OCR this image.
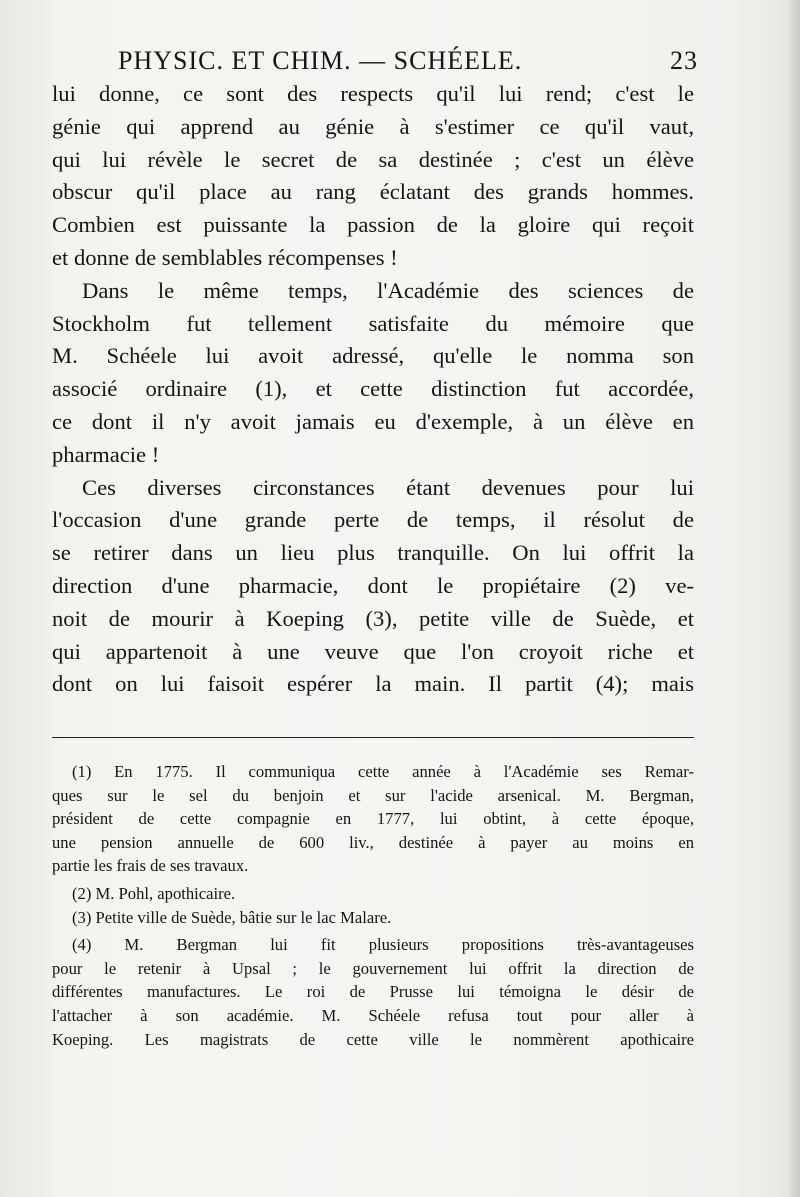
PHYSIC. ET CHIM. — SCHÉELE.	23
lui donne, ce sont des respects qu'il lui rend; c'est le
génie qui apprend au génie à s'estimer ce qu'il vaut,
qui lui révèle le secret de sa destinée ; c'est un élève
obscur qu'il place au rang éclatant des grands hommes.
Combien est puissante la passion de la gloire qui reçoit
et donne de semblables récompenses !
Dans le même temps, l'Académie des sciences de
Stockholm fut tellement satisfaite du mémoire que
M. Schéele lui avoit adressé, qu'elle le nomma son
associé ordinaire (1), et cette distinction fut accordée,
ce dont il n'y avoit jamais eu d'exemple, à un élève en
pharmacie !
Ces diverses circonstances étant devenues pour lui
l'occasion d'une grande perte de temps, il résolut de
se retirer dans un lieu plus tranquille. On lui offrit la
direction d'une pharmacie, dont le propiétaire (2) ve-
noit de mourir à Koeping (3), petite ville de Suède, et
qui appartenoit à une veuve que l'on croyoit riche et
dont on lui faisoit espérer la main. Il partit (4); mais
(1) En 1775. Il communiqua cette année à l'Académie ses Remar-
ques sur le sel du benjoin et sur l'acide arsenical. M. Bergman,
président de cette compagnie en 1777, lui obtint, à cette époque,
une pension annuelle de 600 liv., destinée à payer au moins en
partie les frais de ses travaux.
(2) M. Pohl, apothicaire.
(3) Petite ville de Suède, bâtie sur le lac Malare.
(4) M. Bergman lui fit plusieurs propositions très-avantageuses
pour le retenir à Upsal ; le gouvernement lui offrit la direction de
différentes manufactures. Le roi de Prusse lui témoigna le désir de
l'attacher à son académie. M. Schéele refusa tout pour aller à
Koeping. Les magistrats de cette ville le nommèrent apothicaire
